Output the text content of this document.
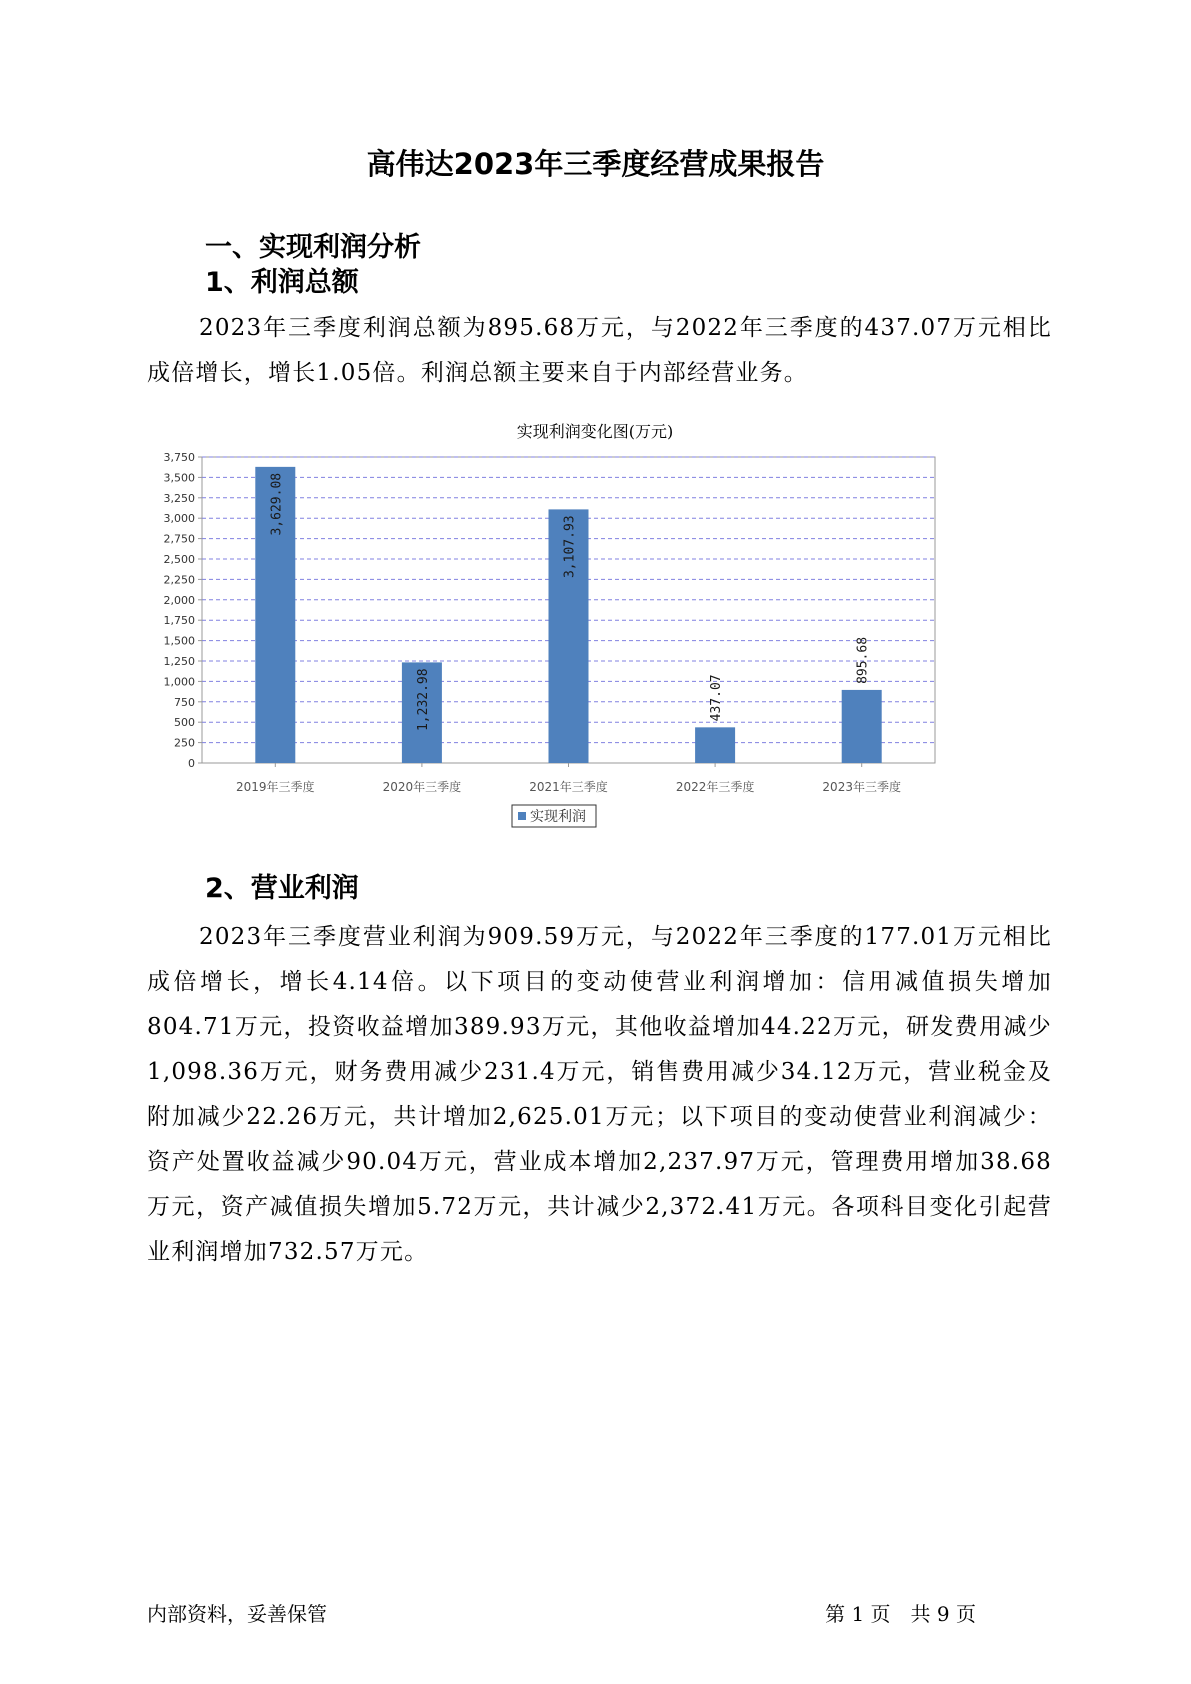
高伟达2023年三季度经营成果报告
一、实现利润分析
1、利润总额
2023年三季度利润总额为895.68万元，与2022年三季度的437.07万元相比成倍增长，增长1.05倍。利润总额主要来自于内部经营业务。
实现利润变化图(万元)
0
250
500
750
1,000
1,250
1,500
1,750
2,000
2,250
2,500
2,750
3,000
3,250
3,500
3,750
3,629.08
2019年三季度
1,232.98
2020年三季度
3,107.93
2021年三季度
437.07
2022年三季度
895.68
2023年三季度
实现利润
2、营业利润
2023年三季度营业利润为909.59万元，与2022年三季度的177.01万元相比成倍增长，增长4.14倍。以下项目的变动使营业利润增加：信用减值损失增加804.71万元，投资收益增加389.93万元，其他收益增加44.22万元，研发费用减少1,098.36万元，财务费用减少231.4万元，销售费用减少34.12万元，营业税金及附加减少22.26万元，共计增加2,625.01万元；以下项目的变动使营业利润减少：资产处置收益减少90.04万元，营业成本增加2,237.97万元，管理费用增加38.68万元，资产减值损失增加5.72万元，共计减少2,372.41万元。各项科目变化引起营业利润增加732.57万元。
内部资料，妥善保管	第 1 页　共 9 页
